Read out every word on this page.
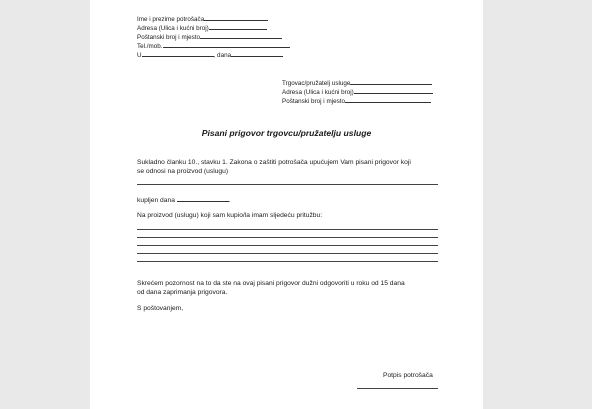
Ime i prezime potrošača
Adresa (Ulica i kućni broj)
Poštanski broj i mjesto
Tel./mob.
U	, dana
Trgovac/pružatelj usluge
Adresa (Ulica i kućni broj)
Poštanski broj i mjesto
Pisani prigovor trgovcu/pružatelju usluge
Sukladno članku 10., stavku 1. Zakona o zaštiti potrošača upućujem Vam pisani prigovor koji
se odnosi na proizvod (uslugu)
kupljen dana	.
Na proizvod (uslugu) koji sam kupio/la imam sljedeću pritužbu:
Skrećem pozornost na to da ste na ovaj pisani prigovor dužni odgovoriti u roku od 15 dana
od dana zaprimanja prigovora.
S poštovanjem,
Potpis potrošača
